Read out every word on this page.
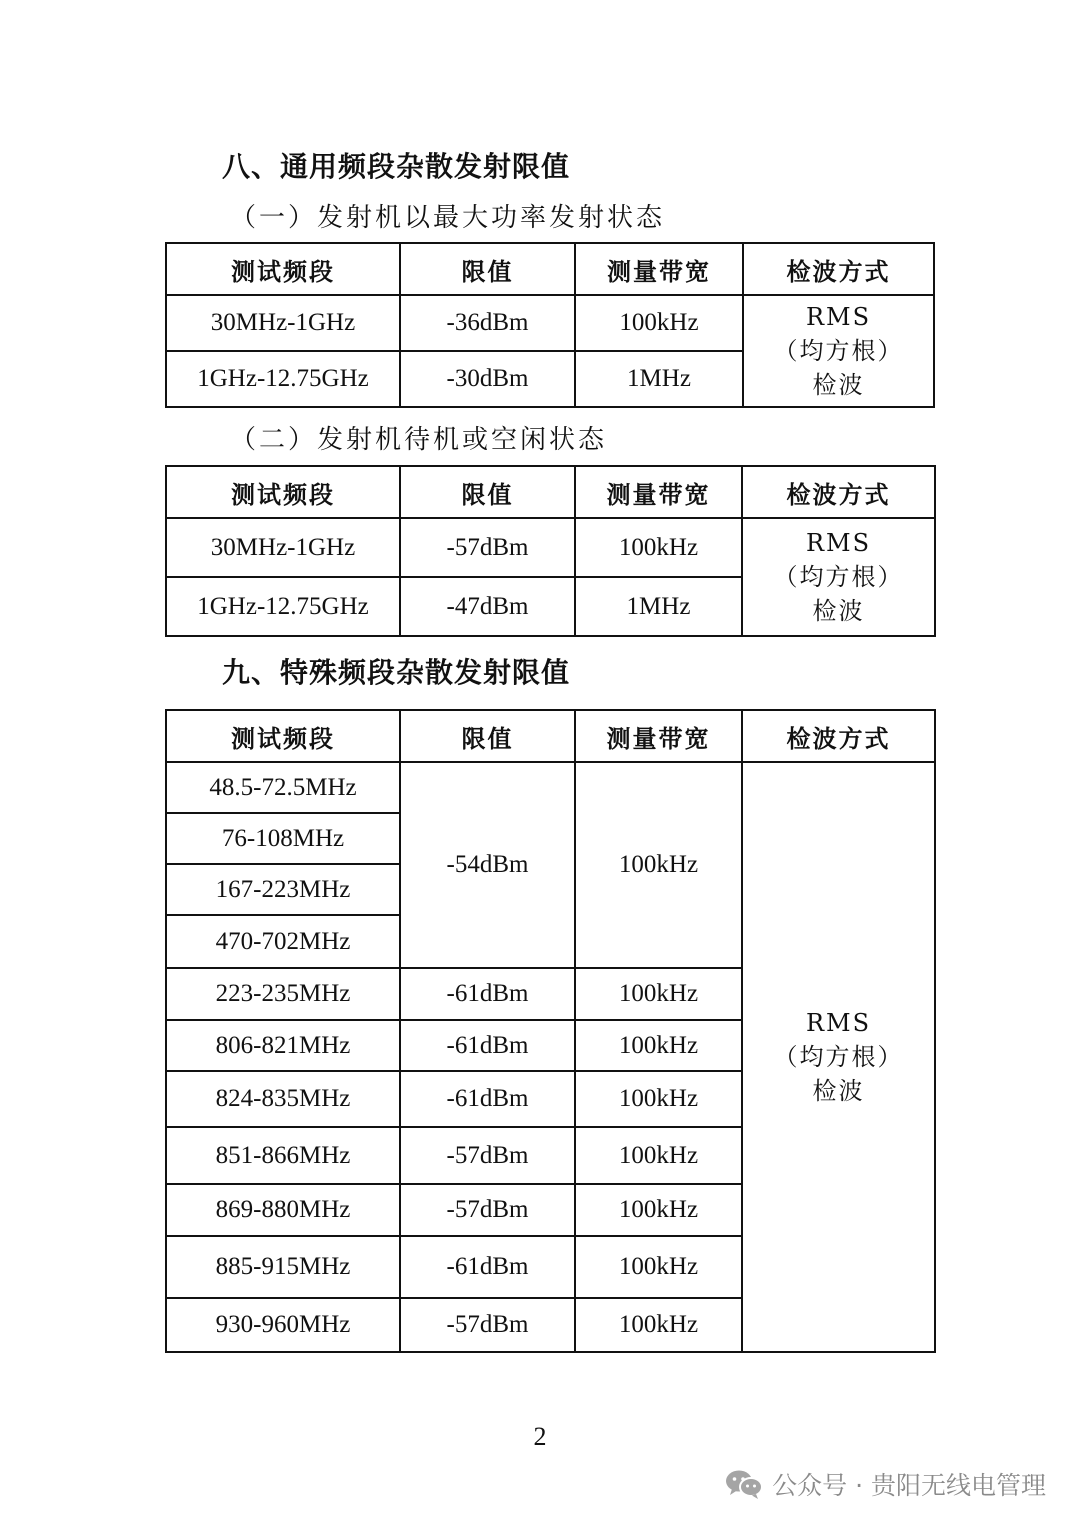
八、通用频段杂散发射限值
（一）发射机以最大功率发射状态
测试频段	限值	测量带宽	检波方式
30MHz-1GHz	-36dBm	100kHz	RMS
（均方根）
检波

1GHz-12.75GHz	-30dBm	1MHz	
（二）发射机待机或空闲状态
测试频段	限值	测量带宽	检波方式
30MHz-1GHz	-57dBm	100kHz	RMS
（均方根）
检波

1GHz-12.75GHz	-47dBm	1MHz	
九、特殊频段杂散发射限值
测试频段	限值	测量带宽	检波方式
48.5-72.5MHz	-54dBm	100kHz	RMS
（均方根）
检波

76-108MHz			
167-223MHz			
470-702MHz			
223-235MHz	-61dBm	100kHz	
806-821MHz	-61dBm	100kHz	
824-835MHz	-61dBm	100kHz	
851-866MHz	-57dBm	100kHz	
869-880MHz	-57dBm	100kHz	
885-915MHz	-61dBm	100kHz	
930-960MHz	-57dBm	100kHz	
2
公众号 · 贵阳无线电管理
